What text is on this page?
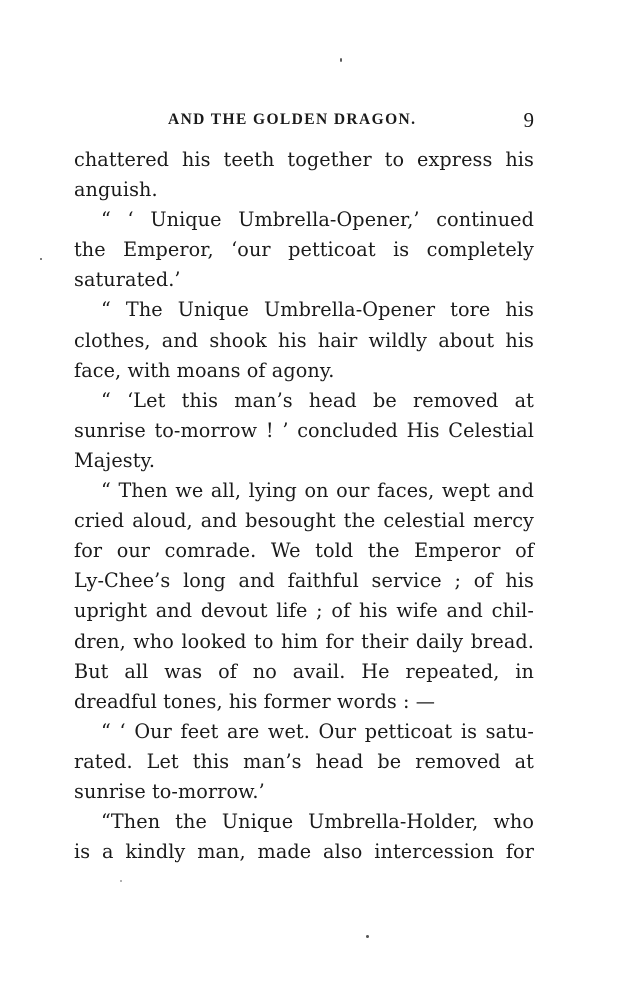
AND THE GOLDEN DRAGON.	9
chattered his teeth together to express his
anguish.
“ ‘ Unique Umbrella-Opener,’ continued
the Emperor, ‘our petticoat is completely
saturated.’
“ The Unique Umbrella-Opener tore his
clothes, and shook his hair wildly about his
face, with moans of agony.
“ ‘Let this man’s head be removed at
sunrise to-morrow ! ’ concluded His Celestial
Majesty.
“ Then we all, lying on our faces, wept and
cried aloud, and besought the celestial mercy
for our comrade. We told the Emperor of
Ly-Chee’s long and faithful service ; of his
upright and devout life ; of his wife and chil-
dren, who looked to him for their daily bread.
But all was of no avail. He repeated, in
dreadful tones, his former words : —
“ ‘ Our feet are wet. Our petticoat is satu-
rated. Let this man’s head be removed at
sunrise to-morrow.’
“Then the Unique Umbrella-Holder, who
is a kindly man, made also intercession for
